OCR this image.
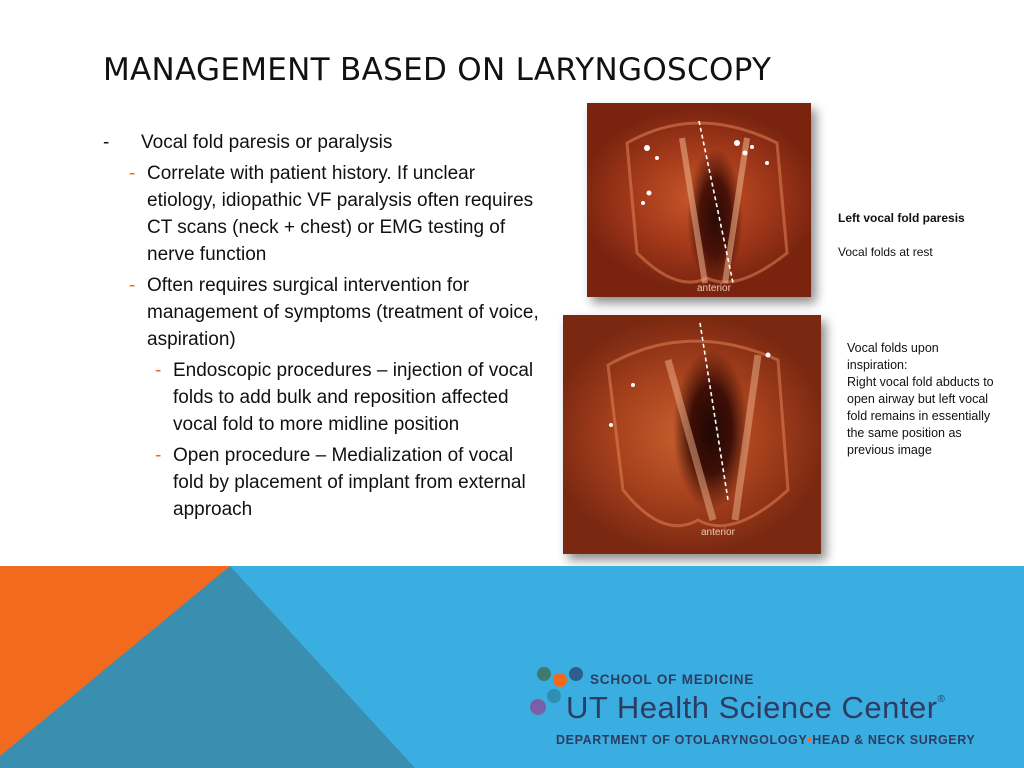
MANAGEMENT BASED ON LARYNGOSCOPY
- Vocal fold paresis or paralysis
- Correlate with patient history. If unclear etiology, idiopathic VF paralysis often requires CT scans (neck + chest) or EMG testing of nerve function
- Often requires surgical intervention for management of symptoms (treatment of voice, aspiration)
- Endoscopic procedures – injection of vocal folds to add bulk and reposition affected vocal fold to more midline position
- Open procedure – Medialization of vocal fold by placement of implant from external approach
anterior
Left vocal fold paresis
Vocal folds at rest
anterior
Vocal folds upon inspiration:
Right vocal fold abducts to open airway but left vocal fold remains in essentially the same position as previous image
SCHOOL OF MEDICINE
UT Health Science Center®
DEPARTMENT OF OTOLARYNGOLOGY•HEAD & NECK SURGERY
